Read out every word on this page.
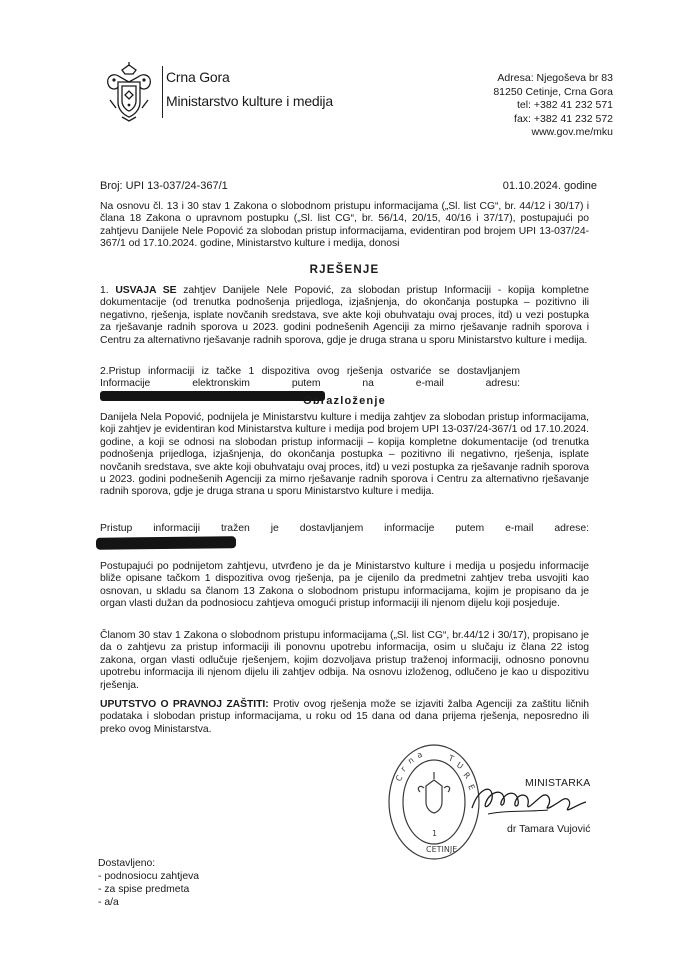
Crna Gora
Ministarstvo kulture i medija
Adresa: Njegoševa br 83
81250 Cetinje, Crna Gora
tel: +382 41 232 571
fax: +382 41 232 572
www.gov.me/mku
Broj: UPI 13-037/24-367/1	01.10.2024. godine
Na osnovu čl. 13 i 30 stav 1 Zakona o slobodnom pristupu informacijama („Sl. list CG“, br. 44/12 i 30/17) i člana 18 Zakona o upravnom postupku („Sl. list CG“, br. 56/14, 20/15, 40/16 i 37/17), postupajući po zahtjevu Danijele Nele Popović za slobodan pristup informacijama, evidentiran pod brojem UPI 13-037/24-367/1 od 17.10.2024. godine, Ministarstvo kulture i medija, donosi
RJEŠENJE
1. USVAJA SE zahtjev Danijele Nele Popović, za slobodan pristup Informaciji - kopija kompletne dokumentacije (od trenutka podnošenja prijedloga, izjašnjenja, do okončanja postupka – pozitivno ili negativno, rješenja, isplate novčanih sredstava, sve akte koji obuhvataju ovaj proces, itd) u vezi postupka za rješavanje radnih sporova u 2023. godini podnešenih Agenciji za mirno rješavanje radnih sporova i Centru za alternativno rješavanje radnih sporova, gdje je druga strana u sporu Ministarstvo kulture i medija.
2.Pristup informaciji iz tačke 1 dispozitiva ovog rješenja ostvariće se dostavljanjem Informacije elektronskim putem na e-mail adresu:
Obrazloženje
Danijela Nela Popović, podnijela je Ministarstvu kulture i medija zahtjev za slobodan pristup informacijama, koji zahtjev je evidentiran kod Ministarstva kulture i medija pod brojem UPI 13-037/24-367/1 od 17.10.2024. godine, a koji se odnosi na slobodan pristup informaciji – kopija kompletne dokumentacije (od trenutka podnošenja prijedloga, izjašnjenja, do okončanja postupka – pozitivno ili negativno, rješenja, isplate novčanih sredstava, sve akte koji obuhvataju ovaj proces, itd) u vezi postupka za rješavanje radnih sporova u 2023. godini podnešenih Agenciji za mirno rješavanje radnih sporova i Centru za alternativno rješavanje radnih sporova, gdje je druga strana u sporu Ministarstvo kulture i medija.
Pristup informaciji tražen je dostavljanjem informacije putem e-mail adrese:
Postupajući po podnijetom zahtjevu, utvrđeno je da je Ministarstvo kulture i medija u posjedu informacije bliže opisane tačkom 1 dispozitiva ovog rješenja, pa je cijenilo da predmetni zahtjev treba usvojiti kao osnovan, u skladu sa članom 13 Zakona o slobodnom pristupu informacijama, kojim je propisano da je organ vlasti dužan da podnosiocu zahtjeva omogući pristup informaciji ili njenom dijelu koji posjeduje.
Članom 30 stav 1 Zakona o slobodnom pristupu informacijama („Sl. list CG“, br.44/12 i 30/17), propisano je da o zahtjevu za pristup informaciji ili ponovnu upotrebu informacija, osim u slučaju iz člana 22 istog zakona, organ vlasti odlučuje rješenjem, kojim dozvoljava pristup traženoj informaciji, odnosno ponovnu upotrebu informacija ili njenom dijelu ili zahtjev odbija. Na osnovu izloženog, odlučeno je kao u dispozitivu rješenja.
UPUTSTVO O PRAVNOJ ZAŠTITI: Protiv ovog rješenja može se izjaviti žalba Agenciji za zaštitu ličnih podataka i slobodan pristup informacijama, u roku od 15 dana od dana prijema rješenja, neposredno ili preko ovog Ministarstva.
C
r
n
a	T
U
R
E
CETINJE
1
MINISTARKA
dr Tamara Vujović
Dostavljeno:
- podnosiocu zahtjeva
- za spise predmeta
- a/a
